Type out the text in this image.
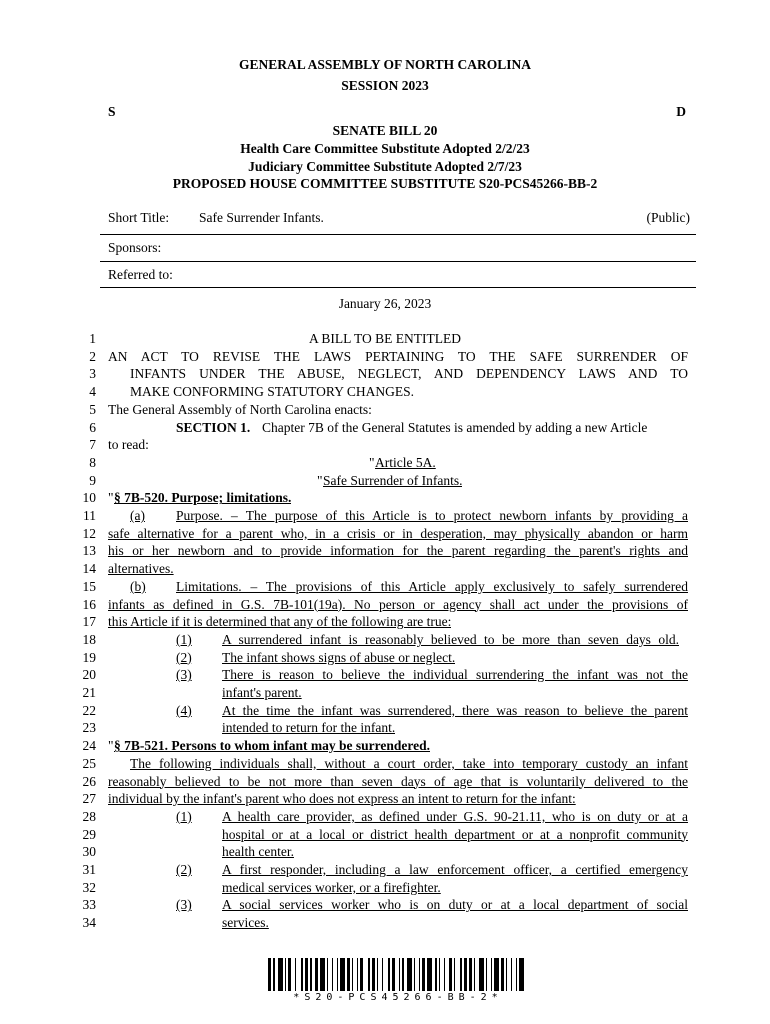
GENERAL ASSEMBLY OF NORTH CAROLINA
SESSION 2023
S	D
SENATE BILL 20
Health Care Committee Substitute Adopted 2/2/23
Judiciary Committee Substitute Adopted 2/7/23
PROPOSED HOUSE COMMITTEE SUBSTITUTE S20-PCS45266-BB-2
Short Title: Safe Surrender Infants.	(Public)
Sponsors:
Referred to:
January 26, 2023
1	A BILL TO BE ENTITLED
2 AN ACT TO REVISE THE LAWS PERTAINING TO THE SAFE SURRENDER OF
3	INFANTS UNDER THE ABUSE, NEGLECT, AND DEPENDENCY LAWS AND TO
4	MAKE CONFORMING STATUTORY CHANGES.
5 The General Assembly of North Carolina enacts:
6	SECTION 1. Chapter 7B of the General Statutes is amended by adding a new Article
7 to read:
8	" Article 5A.
9	" Safe Surrender of Infants.
10 " § 7B-520. Purpose; limitations.
11	(a) Purpose. – The purpose of this Article is to protect newborn infants by providing a
12 safe alternative for a parent who, in a crisis or in desperation, may physically abandon or harm
13 his or her newborn and to provide information for the parent regarding the parent's rights and
14 alternatives.
15	(b) Limitations. – The provisions of this Article apply exclusively to safely surrendered
16 infants as defined in G.S. 7B-101(19a). No person or agency shall act under the provisions of
17 this Article if it is determined that any of the following are true:
18	(1) A surrendered infant is reasonably believed to be more than seven days old.
19	(2) The infant shows signs of abuse or neglect.
20	(3) There is reason to believe the individual surrendering the infant was not the
21	infant's parent.
22	(4) At the time the infant was surrendered, there was reason to believe the parent
23	intended to return for the infant.
24 " § 7B-521. Persons to whom infant may be surrendered.
25	The following individuals shall, without a court order, take into temporary custody an infant
26 reasonably believed to be not more than seven days of age that is voluntarily delivered to the
27 individual by the infant's parent who does not express an intent to return for the infant:
28	(1) A health care provider, as defined under G.S. 90-21.11, who is on duty or at a
29	hospital or at a local or district health department or at a nonprofit community
30	health center.
31	(2) A first responder, including a law enforcement officer, a certified emergency
32	medical services worker, or a firefighter.
33	(3) A social services worker who is on duty or at a local department of social
34	services.
*S20-PCS45266-BB-2*
